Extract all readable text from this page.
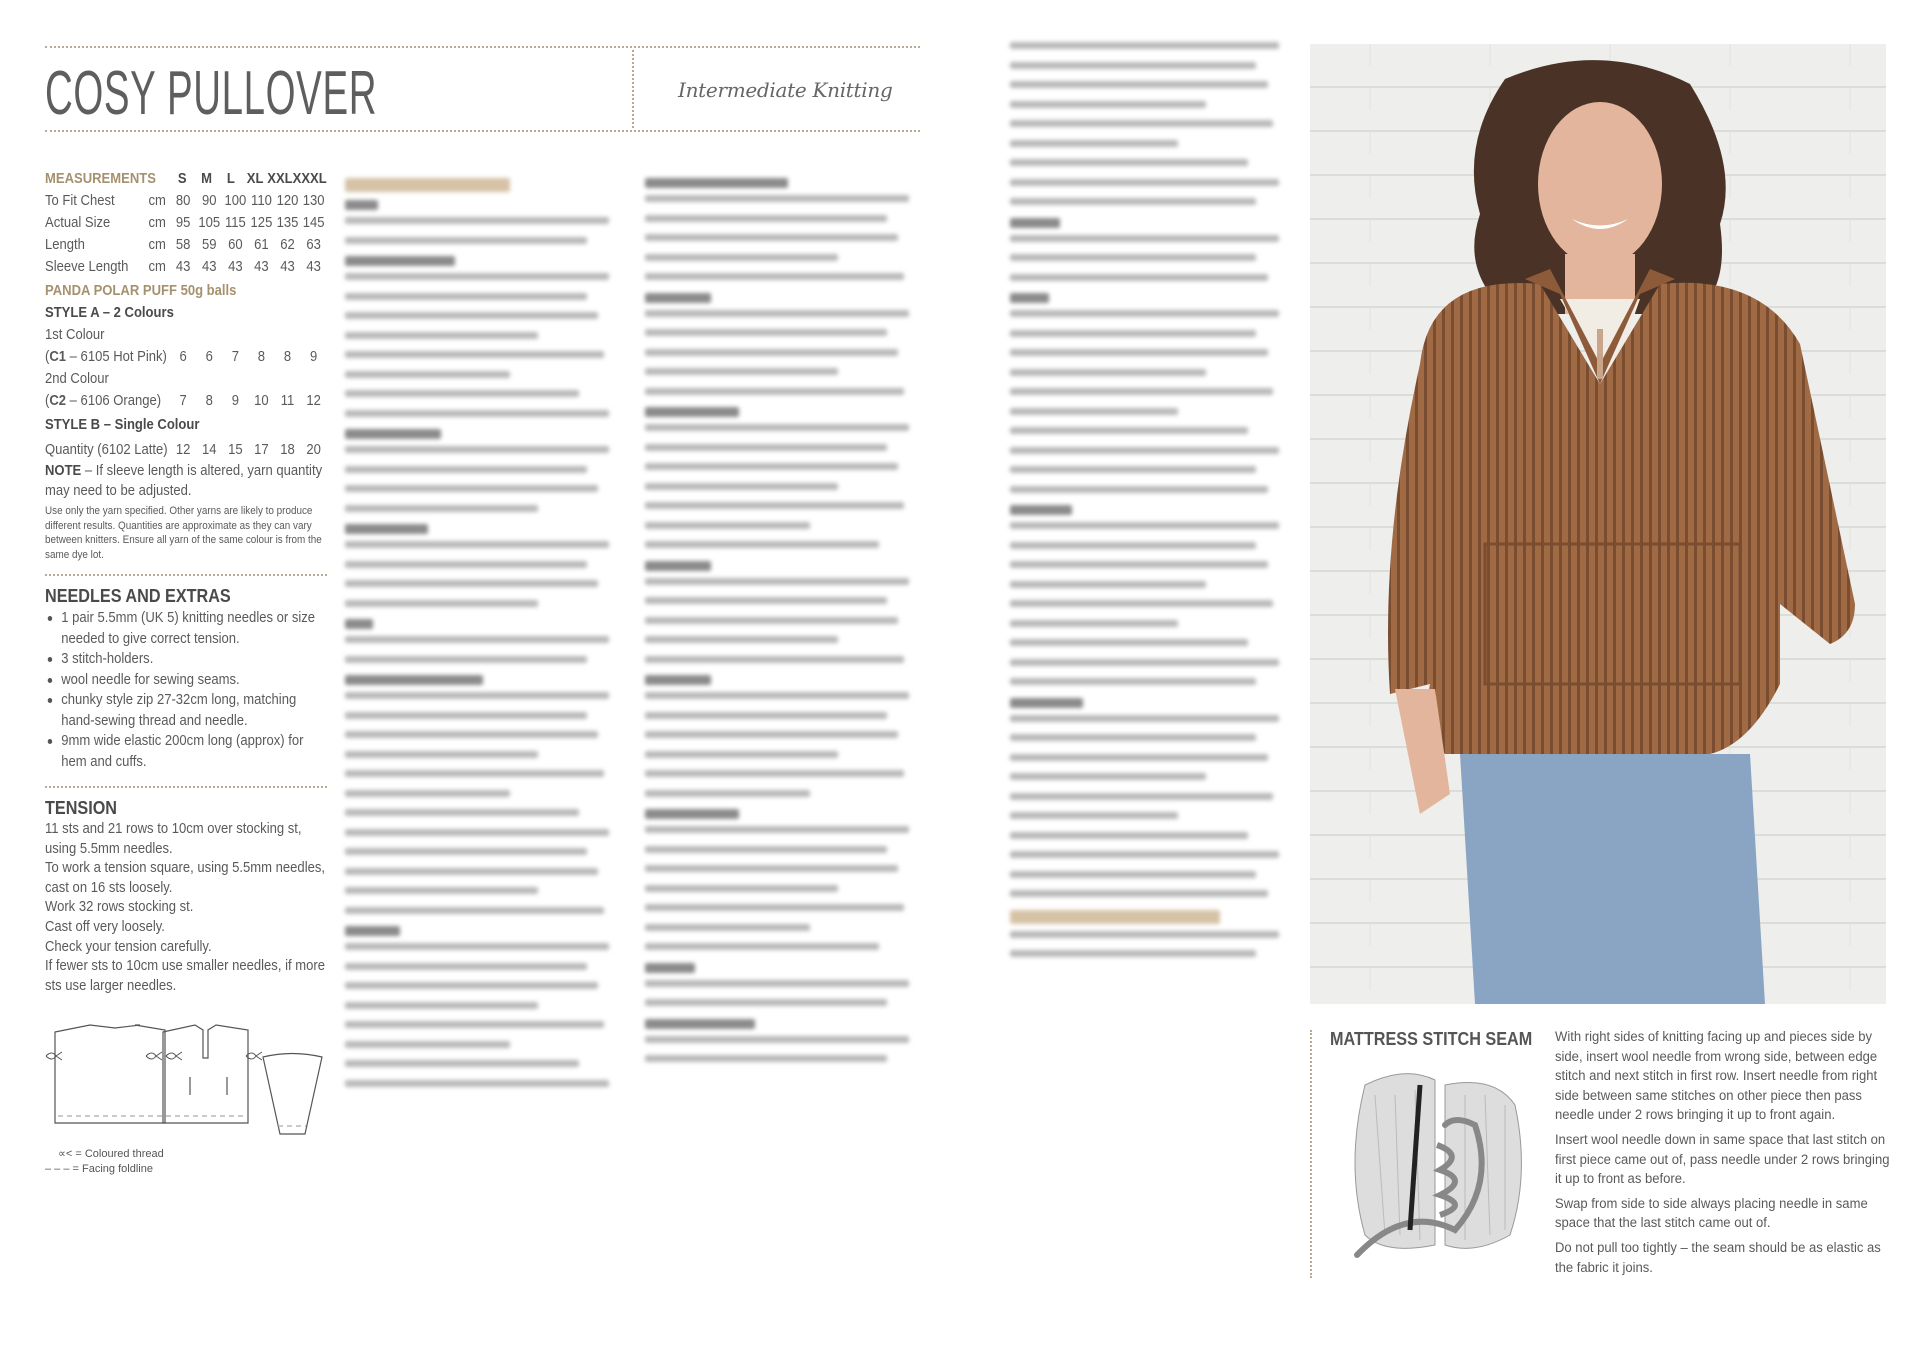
COSY PULLOVER	Intermediate Knitting
MEASUREMENTS	S M	L XL XXL XXXL
To Fit Chest	cm 80 90 100 110 120 130
Actual Size	cm 95 105 115 125 135 145
Length	cm 58 59 60 61 62 63
Sleeve Length	cm 43 43 43 43 43 43
PANDA POLAR PUFF 50g balls
STYLE A – 2 Colours
1st Colour
(C1 – 6105 Hot Pink) 6	6	7	8	8	9
2nd Colour
(C2 – 6106 Orange)	7	8	9	10 11 12
STYLE B – Single Colour
Quantity (6102 Latte) 12 14 15 17 18 20
NOTE – If sleeve length is altered, yarn quantity may need to be adjusted.
Use only the yarn specified. Other yarns are likely to produce different results. Quantities are approximate as they can vary between knitters. Ensure all yarn of the same colour is from the same dye lot.
NEEDLES AND EXTRAS
1 pair 5.5mm (UK 5) knitting needles or size needed to give correct tension.
3 stitch-holders.
wool needle for sewing seams.
chunky style zip 27-32cm long, matching hand-sewing thread and needle.
9mm wide elastic 200cm long (approx) for hem and cuffs.
TENSION
11 sts and 21 rows to 10cm over stocking st, using 5.5mm needles.
To work a tension square, using 5.5mm needles, cast on 16 sts loosely.
Work 32 rows stocking st.
Cast off very loosely.
Check your tension carefully.
If fewer sts to 10cm use smaller needles, if more sts use larger needles.
∝< = Coloured thread
– – – = Facing foldline
MATTRESS STITCH SEAM With right sides of knitting facing up and pieces side by side, insert wool needle from wrong side, between edge stitch and next stitch in first row. Insert needle from right side between same stitches on other piece then pass needle under 2 rows bringing it up to front again.

Insert wool needle down in same space that last stitch on first piece came out of, pass needle under 2 rows bringing it up to front as before.

Swap from side to side always placing needle in same space that the last stitch came out of.

Do not pull too tightly – the seam should be as elastic as the fabric it joins.
